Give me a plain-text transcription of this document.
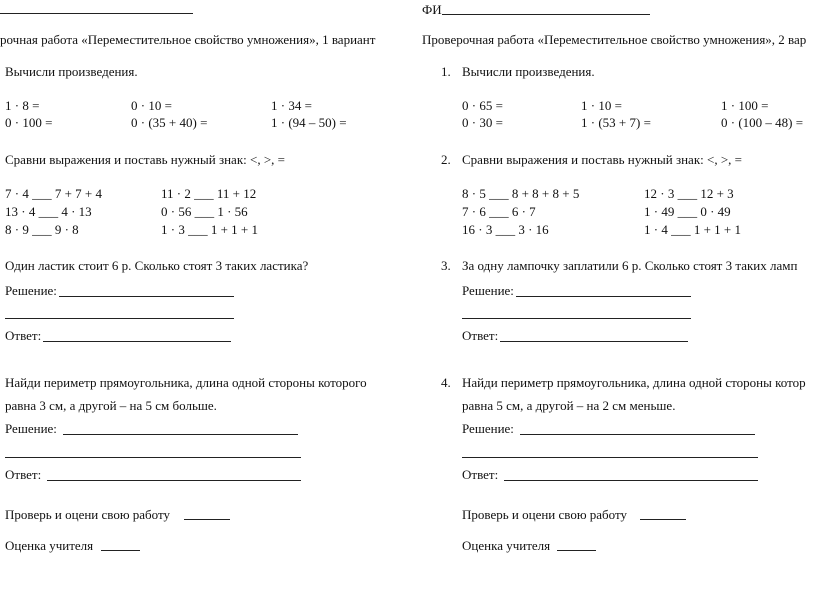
рочная работа «Переместительное свойство умножения», 1 вариант
Вычисли произведения.
1 · 8 =	0 · 10 =	1 · 34 =
0 · 100 =	0 · (35 + 40) =	1 · (94 – 50) =
Сравни выражения и поставь нужный знак: <, >, =
7 · 4 ___ 7 + 7 + 4	11 · 2 ___ 11 + 12
13 · 4 ___ 4 · 13	0 · 56 ___ 1 · 56
8 · 9 ___ 9 · 8	1 · 3 ___ 1 + 1 + 1
Один ластик стоит 6 р. Сколько стоят 3 таких ластика?
Решение:
Ответ:
Найди периметр прямоугольника, длина одной стороны которого
равна 3 см, а другой – на 5 см больше.
Решение:
Ответ:
Проверь и оцени свою работу
Оценка учителя
ФИ
Проверочная работа «Переместительное свойство умножения», 2 вар
1. Вычисли произведения.
0 · 65 =	1 · 10 =	1 · 100 =
0 · 30 =	1 · (53 + 7) =	0 · (100 – 48) =
2. Сравни выражения и поставь нужный знак: <, >, =
8 · 5 ___ 8 + 8 + 8 + 5	12 · 3 ___ 12 + 3
7 · 6 ___ 6 · 7	1 · 49 ___ 0 · 49
16 · 3 ___ 3 · 16	1 · 4 ___ 1 + 1 + 1
3. За одну лампочку заплатили 6 р. Сколько стоят 3 таких ламп
Решение:
Ответ:
4. Найди периметр прямоугольника, длина одной стороны котор
равна 5 см, а другой – на 2 см меньше.
Решение:
Ответ:
Проверь и оцени свою работу
Оценка учителя
